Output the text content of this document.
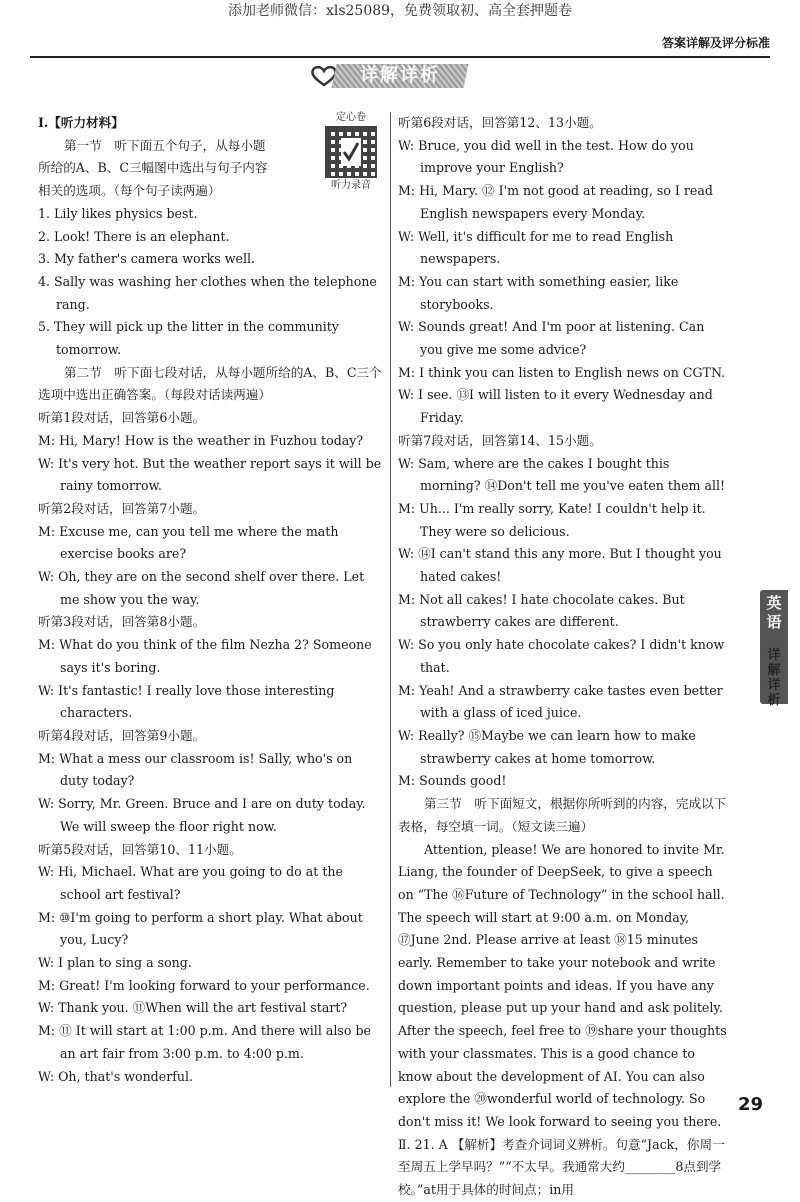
添加老师微信：xls25089，免费领取初、高全套押题卷
答案详解及评分标准
详解详析
定心卷
听力录音

Ⅰ.【听力材料】

第一节　听下面五个句子，从每小题所给的A、B、C三幅图中选出与句子内容相关的选项。（每个句子读两遍）

1. Lily likes physics best.

2. Look! There is an elephant.

3. My father's camera works well.

4. Sally was washing her clothes when the telephone rang.

5. They will pick up the litter in the community tomorrow.

第二节　听下面七段对话，从每小题所给的A、B、C三个选项中选出正确答案。（每段对话读两遍）

听第1段对话，回答第6小题。

M: Hi, Mary! How is the weather in Fuzhou today?

W: It's very hot. But the weather report says it will be rainy tomorrow.

听第2段对话，回答第7小题。

M: Excuse me, can you tell me where the math exercise books are?

W: Oh, they are on the second shelf over there. Let me show you the way.

听第3段对话，回答第8小题。

M: What do you think of the film Nezha 2? Someone says it's boring.

W: It's fantastic! I really love those interesting characters.

听第4段对话，回答第9小题。

M: What a mess our classroom is! Sally, who's on duty today?

W: Sorry, Mr. Green. Bruce and I are on duty today. We will sweep the floor right now.

听第5段对话，回答第10、11小题。

W: Hi, Michael. What are you going to do at the school art festival?

M: ⑩I'm going to perform a short play. What about you, Lucy?

W: I plan to sing a song.

M: Great! I'm looking forward to your performance.

W: Thank you. ⑪When will the art festival start?

M: ⑪ It will start at 1:00 p.m. And there will also be an art fair from 3:00 p.m. to 4:00 p.m.

W: Oh, that's wonderful.

听第6段对话，回答第12、13小题。

W: Bruce, you did well in the test. How do you improve your English?

M: Hi, Mary. ⑫ I'm not good at reading, so I read English newspapers every Monday.

W: Well, it's difficult for me to read English newspapers.

M: You can start with something easier, like storybooks.

W: Sounds great! And I'm poor at listening. Can you give me some advice?

M: I think you can listen to English news on CGTN.

W: I see. ⑬I will listen to it every Wednesday and Friday.

听第7段对话，回答第14、15小题。

W: Sam, where are the cakes I bought this morning? ⑭Don't tell me you've eaten them all!

M: Uh... I'm really sorry, Kate! I couldn't help it. They were so delicious.

W: ⑭I can't stand this any more. But I thought you hated cakes!

M: Not all cakes! I hate chocolate cakes. But strawberry cakes are different.

W: So you only hate chocolate cakes? I didn't know that.

M: Yeah! And a strawberry cake tastes even better with a glass of iced juice.

W: Really? ⑮Maybe we can learn how to make strawberry cakes at home tomorrow.

M: Sounds good!

第三节　听下面短文，根据你所听到的内容，完成以下表格，每空填一词。（短文读三遍）

Attention, please! We are honored to invite Mr. Liang, the founder of DeepSeek, to give a speech on “The ⑯Future of Technology” in the school hall. The speech will start at 9:00 a.m. on Monday, ⑰June 2nd. Please arrive at least ⑱15 minutes early. Remember to take your notebook and write down important points and ideas. If you have any question, please put up your hand and ask politely. After the speech, feel free to ⑲share your thoughts with your classmates. This is a good chance to know about the development of AI. You can also explore the ⑳wonderful world of technology. So don't miss it! We look forward to seeing you there.

Ⅱ. 21. A 【解析】考查介词词义辨析。句意“Jack，你周一至周五上学早吗？”“不太早。我通常大约________8点到学校。”at用于具体的时间点；in用

英语
详解详析
29
